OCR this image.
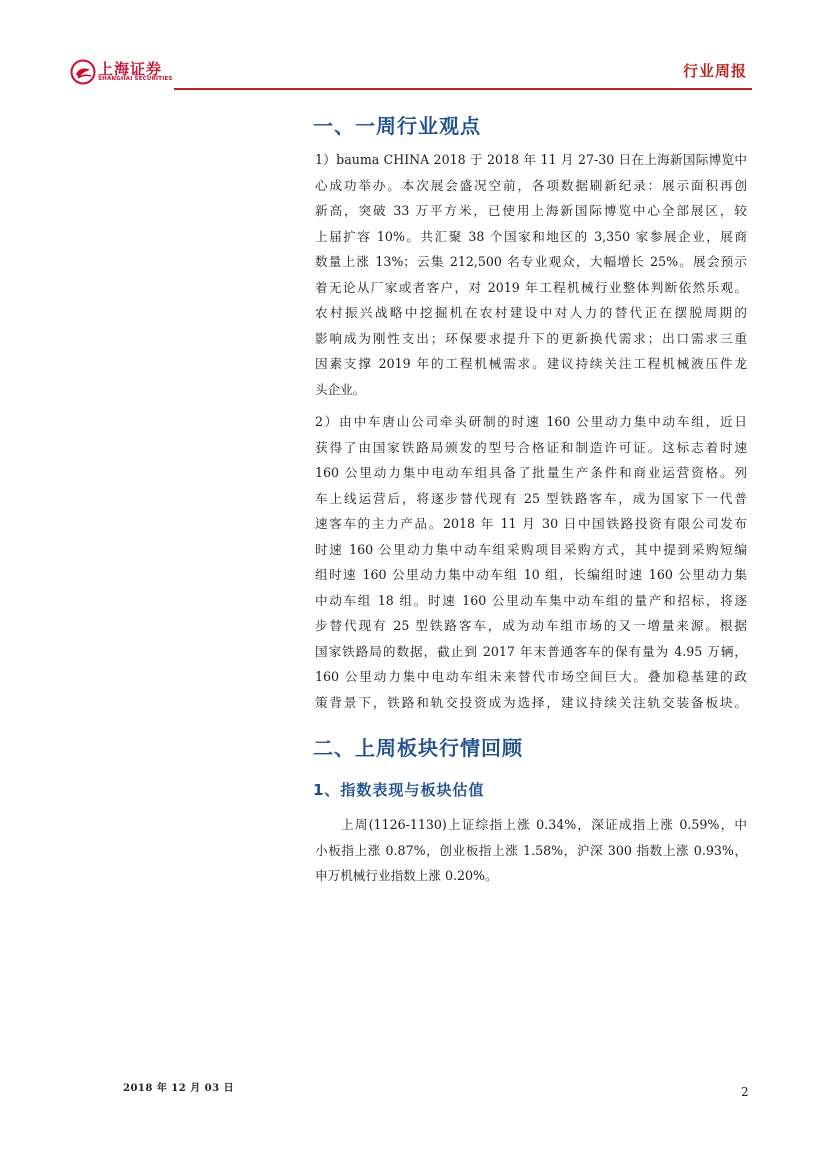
上海证券
SHANGHAI SECURITIES	行业周报
一、一周行业观点
1）bauma CHINA 2018 于 2018 年 11 月 27-30 日在上海新国际博览中
心成功举办。本次展会盛况空前，各项数据刷新纪录：展示面积再创
新高，突破 33 万平方米，已使用上海新国际博览中心全部展区，较
上届扩容 10%。共汇聚 38 个国家和地区的 3,350 家参展企业，展商
数量上涨 13%；云集 212,500 名专业观众，大幅增长 25%。展会预示
着无论从厂家或者客户，对 2019 年工程机械行业整体判断依然乐观。
农村振兴战略中挖掘机在农村建设中对人力的替代正在摆脱周期的
影响成为刚性支出；环保要求提升下的更新换代需求；出口需求三重
因素支撑 2019 年的工程机械需求。建议持续关注工程机械液压件龙
头企业。
2）由中车唐山公司牵头研制的时速 160 公里动力集中动车组，近日
获得了由国家铁路局颁发的型号合格证和制造许可证。这标志着时速
160 公里动力集中电动车组具备了批量生产条件和商业运营资格。列
车上线运营后，将逐步替代现有 25 型铁路客车，成为国家下一代普
速客车的主力产品。2018 年 11 月 30 日中国铁路投资有限公司发布
时速 160 公里动力集中动车组采购项目采购方式，其中提到采购短编
组时速 160 公里动力集中动车组 10 组，长编组时速 160 公里动力集
中动车组 18 组。时速 160 公里动车集中动车组的量产和招标，将逐
步替代现有 25 型铁路客车，成为动车组市场的又一增量来源。根据
国家铁路局的数据，截止到 2017 年末普通客车的保有量为 4.95 万辆，
160 公里动力集中电动车组未来替代市场空间巨大。叠加稳基建的政
策背景下，铁路和轨交投资成为选择，建议持续关注轨交装备板块。
二、上周板块行情回顾
1、指数表现与板块估值
上周(1126-1130)上证综指上涨 0.34%，深证成指上涨 0.59%，中
小板指上涨 0.87%，创业板指上涨 1.58%，沪深 300 指数上涨 0.93%，
申万机械行业指数上涨 0.20%。
2018 年 12 月 03 日	2
